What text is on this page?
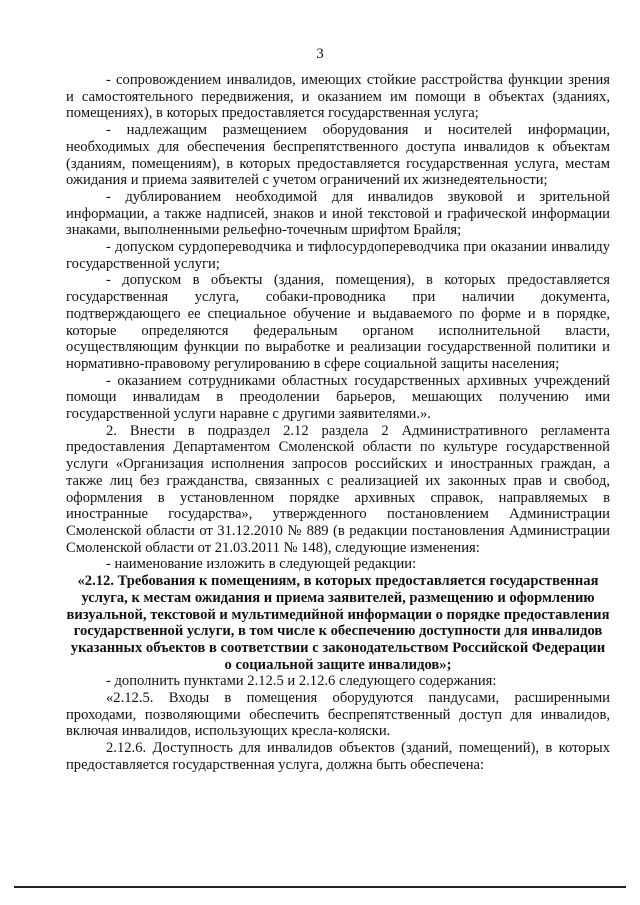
3

- сопровождением инвалидов, имеющих стойкие расстройства функции зрения и самостоятельного передвижения, и оказанием им помощи в объектах (зданиях, помещениях), в которых предоставляется государственная услуга;

- надлежащим размещением оборудования и носителей информации, необходимых для обеспечения беспрепятственного доступа инвалидов к объектам (зданиям, помещениям), в которых предоставляется государственная услуга, местам ожидания и приема заявителей с учетом ограничений их жизнедеятельности;

- дублированием необходимой для инвалидов звуковой и зрительной информации, а также надписей, знаков и иной текстовой и графической информации знаками, выполненными рельефно-точечным шрифтом Брайля;

- допуском сурдопереводчика и тифлосурдопереводчика при оказании инвалиду государственной услуги;

- допуском в объекты (здания, помещения), в которых предоставляется государственная услуга, собаки-проводника при наличии документа, подтверждающего ее специальное обучение и выдаваемого по форме и в порядке, которые определяются федеральным органом исполнительной власти, осуществляющим функции по выработке и реализации государственной политики и нормативно-правовому регулированию в сфере социальной защиты населения;

- оказанием сотрудниками областных государственных архивных учреждений помощи инвалидам в преодолении барьеров, мешающих получению ими государственной услуги наравне с другими заявителями.».

2. Внести в подраздел 2.12 раздела 2 Административного регламента предоставления Департаментом Смоленской области по культуре государственной услуги «Организация исполнения запросов российских и иностранных граждан, а также лиц без гражданства, связанных с реализацией их законных прав и свобод, оформления в установленном порядке архивных справок, направляемых в иностранные государства», утвержденного постановлением Администрации Смоленской области от 31.12.2010 № 889 (в редакции постановления Администрации Смоленской области от 21.03.2011 № 148), следующие изменения:

- наименование изложить в следующей редакции:

«2.12. Требования к помещениям, в которых предоставляется государственная услуга, к местам ожидания и приема заявителей, размещению и оформлению визуальной, текстовой и мультимедийной информации о порядке предоставления государственной услуги, в том числе к обеспечению доступности для инвалидов указанных объектов в соответствии с законодательством Российской Федерации о социальной защите инвалидов»;

- дополнить пунктами 2.12.5 и 2.12.6 следующего содержания:

«2.12.5. Входы в помещения оборудуются пандусами, расширенными проходами, позволяющими обеспечить беспрепятственный доступ для инвалидов, включая инвалидов, использующих кресла-коляски.

2.12.6. Доступность для инвалидов объектов (зданий, помещений), в которых предоставляется государственная услуга, должна быть обеспечена:
